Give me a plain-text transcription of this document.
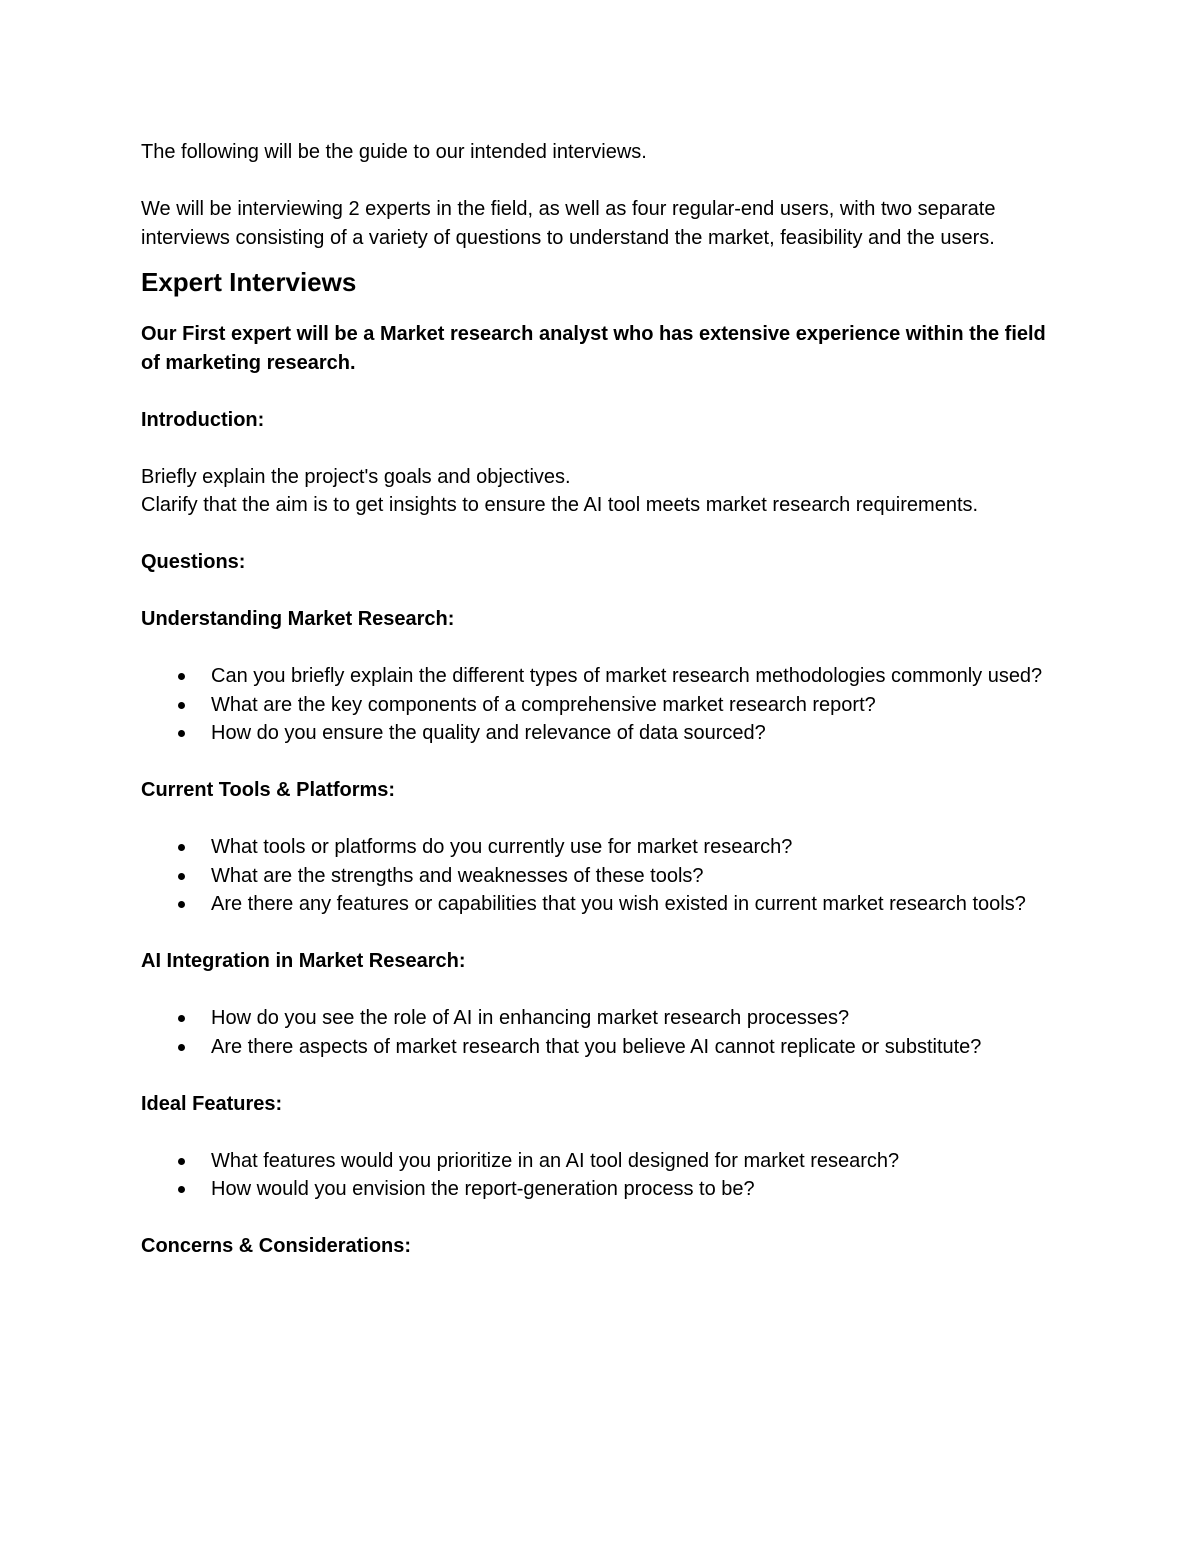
The following will be the guide to our intended interviews.

We will be interviewing 2 experts in the field, as well as four regular-end users, with two separate interviews consisting of a variety of questions to understand the market, feasibility and the users.

Expert Interviews

Our First expert will be a Market research analyst who has extensive experience within the field of marketing research.

Introduction:

Briefly explain the project's goals and objectives.

Clarify that the aim is to get insights to ensure the AI tool meets market research requirements.

Questions:

Understanding Market Research:

Can you briefly explain the different types of market research methodologies commonly used?
What are the key components of a comprehensive market research report?
How do you ensure the quality and relevance of data sourced?

Current Tools & Platforms:

What tools or platforms do you currently use for market research?
What are the strengths and weaknesses of these tools?
Are there any features or capabilities that you wish existed in current market research tools?

AI Integration in Market Research:

How do you see the role of AI in enhancing market research processes?
Are there aspects of market research that you believe AI cannot replicate or substitute?

Ideal Features:

What features would you prioritize in an AI tool designed for market research?
How would you envision the report-generation process to be?

Concerns & Considerations:
